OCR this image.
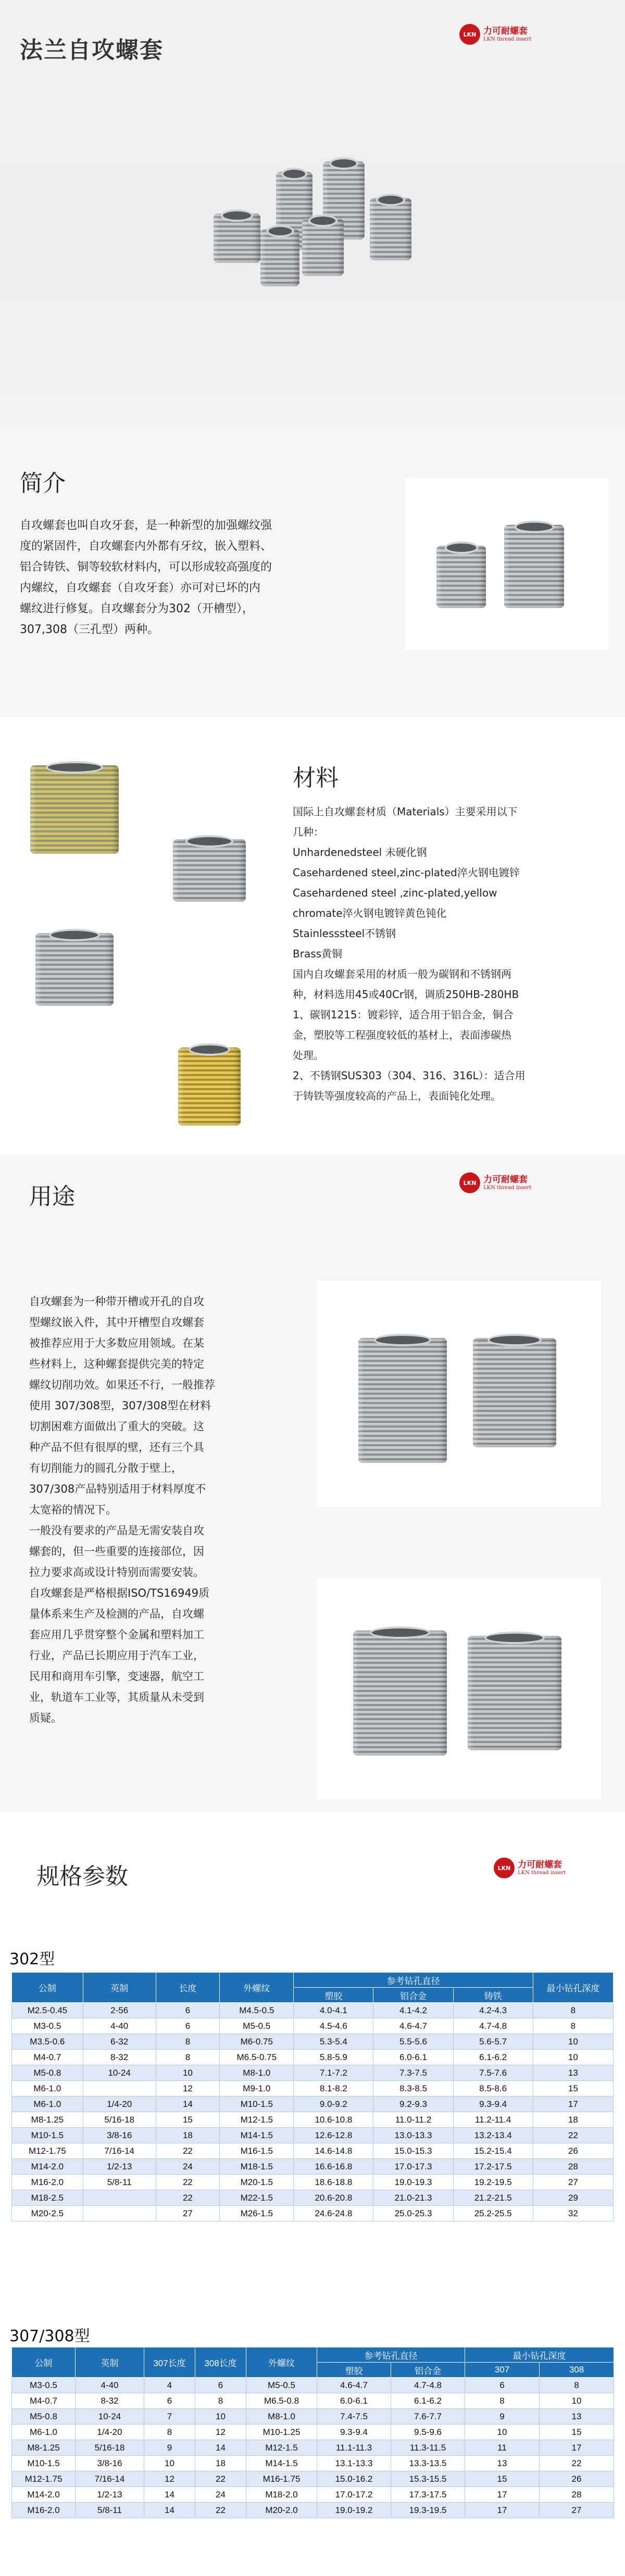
法兰自攻螺套
LKN 力可耐螺套
LKN thread insert
简介

自攻螺套也叫自攻牙套，是一种新型的加强螺纹强

度的紧固件，自攻螺套内外都有牙纹，嵌入塑料、

铝合铸铁、铜等较软材料内，可以形成较高强度的

内螺纹，自攻螺套（自攻牙套）亦可对已坏的内

螺纹进行修复。自攻螺套分为302（开槽型），

307,308（三孔型）两种。

材料

国际上自攻螺套材质（Materials）主要采用以下

几种：

Unhardenedsteel 未硬化钢

Casehardened steel,zinc-plated淬火钢电镀锌

Casehardened steel ,zinc-plated,yellow

chromate淬火钢电镀锌黄色钝化

Stainlesssteel不锈钢

Brass黄铜

国内自攻螺套采用的材质一般为碳钢和不锈钢两

种，材料选用45或40Cr钢，调质250HB-280HB

1、碳钢1215：镀彩锌，适合用于铝合金，铜合

金，塑胶等工程强度较低的基材上，表面渗碳热

处理。

2、不锈钢SUS303（304、316、316L）：适合用

于铸铁等强度较高的产品上，表面钝化处理。

用途
LKN 力可耐螺套
LKN thread insert

自攻螺套为一种带开槽或开孔的自攻

型螺纹嵌入件，其中开槽型自攻螺套

被推荐应用于大多数应用领域。在某

些材料上，这种螺套提供完美的特定

螺纹切削功效。如果还不行，一般推荐

使用 307/308型，307/308型在材料

切割困难方面做出了重大的突破。这

种产品不但有很厚的壁，还有三个具

有切削能力的圆孔分散于壁上，

307/308产品特别适用于材料厚度不

太宽裕的情况下。

一般没有要求的产品是无需安装自攻

螺套的，但一些重要的连接部位，因

拉力要求高或设计特别而需要安装。

自攻螺套是严格根据ISO/TS16949质

量体系来生产及检测的产品，自攻螺

套应用几乎贯穿整个金属和塑料加工

行业，产品已长期应用于汽车工业，

民用和商用车引擎，变速器，航空工

业，轨道车工业等，其质量从未受到

质疑。

规格参数	LKN 力可耐螺套
LKN thread insert
302型
公制	英制	长度	外螺纹	参考钻孔直径			最小钻孔深度
				塑胶	铝合金	铸铁	
M2.5-0.45	2-56	6	M4.5-0.5	4.0-4.1	4.1-4.2	4.2-4.3	8
M3-0.5	4-40	6	M5-0.5	4.5-4.6	4.6-4.7	4.7-4.8	8
M3.5-0.6	6-32	8	M6-0.75	5.3-5.4	5.5-5.6	5.6-5.7	10
M4-0.7	8-32	8	M6.5-0.75	5.8-5.9	6.0-6.1	6.1-6.2	10
M5-0.8	10-24	10	M8-1.0	7.1-7.2	7.3-7.5	7.5-7.6	13
M6-1.0		12	M9-1.0	8.1-8.2	8.3-8.5	8.5-8.6	15
M6-1.0	1/4-20	14	M10-1.5	9.0-9.2	9.2-9.3	9.3-9.4	17
M8-1.25	5/16-18	15	M12-1.5	10.6-10.8	11.0-11.2	11.2-11.4	18
M10-1.5	3/8-16	18	M14-1.5	12.6-12.8	13.0-13.3	13.2-13.4	22
M12-1.75	7/16-14	22	M16-1.5	14.6-14.8	15.0-15.3	15.2-15.4	26
M14-2.0	1/2-13	24	M18-1.5	16.6-16.8	17.0-17.3	17.2-17.5	28
M16-2.0	5/8-11	22	M20-1.5	18.6-18.8	19.0-19.3	19.2-19.5	27
M18-2.5		22	M22-1.5	20.6-20.8	21.0-21.3	21.2-21.5	29
M20-2.5		27	M26-1.5	24.6-24.8	25.0-25.3	25.2-25.5	32
307/308型
公制	英制	307长度	308长度	外螺纹	参考钻孔直径		最小钻孔深度	
					塑胶	铝合金	307	308
M3-0.5	4-40	4	6	M5-0.5	4.6-4.7	4.7-4.8	6	8
M4-0.7	8-32	6	8	M6.5-0.8	6.0-6.1	6.1-6.2	8	10
M5-0.8	10-24	7	10	M8-1.0	7.4-7.5	7.6-7.7	9	13
M6-1.0	1/4-20	8	12	M10-1.25	9.3-9.4	9.5-9.6	10	15
M8-1.25	5/16-18	9	14	M12-1.5	11.1-11.3	11.3-11.5	11	17
M10-1.5	3/8-16	10	18	M14-1.5	13.1-13.3	13.3-13.5	13	22
M12-1.75	7/16-14	12	22	M16-1.75	15.0-16.2	15.3-15.5	15	26
M14-2.0	1/2-13	14	24	M18-2.0	17.0-17.2	17.3-17.5	17	28
M16-2.0	5/8-11	14	22	M20-2.0	19.0-19.2	19.3-19.5	17	27
